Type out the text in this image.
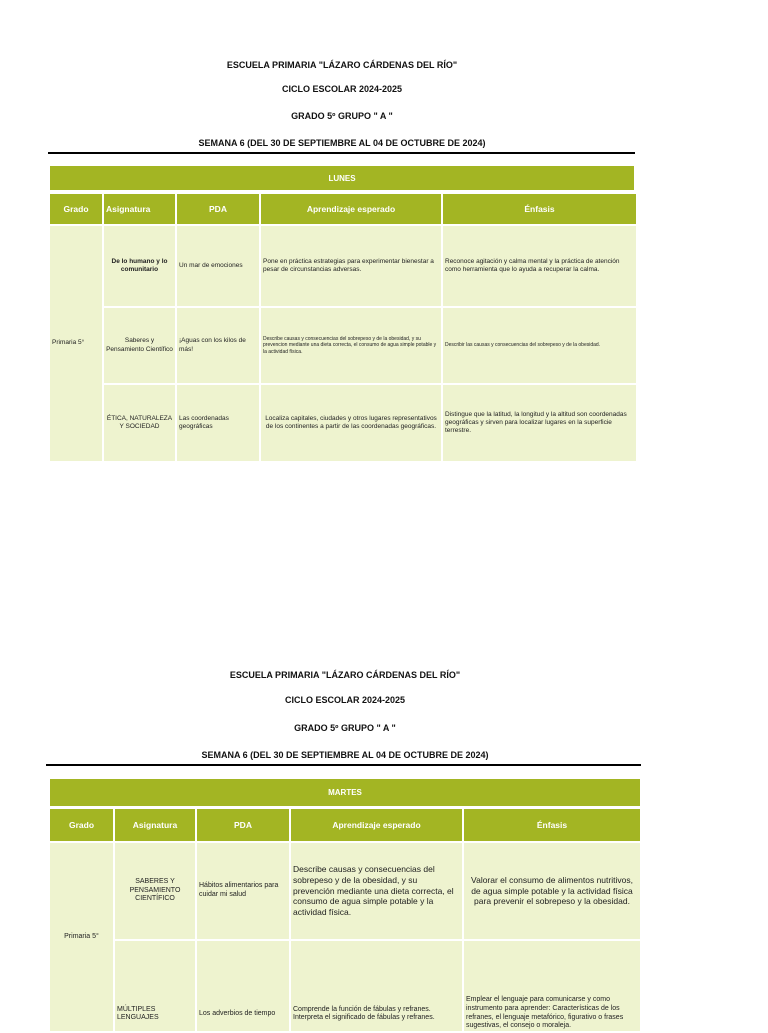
ESCUELA PRIMARIA "LÁZARO CÁRDENAS DEL RÍO"
CICLO ESCOLAR 2024-2025
GRADO 5º GRUPO " A "
SEMANA 6 (DEL 30 DE SEPTIEMBRE AL 04 DE OCTUBRE DE 2024)
LUNES
Grado	Asignatura	PDA	Aprendizaje esperado	Énfasis
Primaria 5°	De lo humano y lo comunitario	Un mar de emociones	Pone en práctica estrategias para experimentar bienestar a pesar de circunstancias adversas.	Reconoce agitación y calma mental y la práctica de atención como herramienta que lo ayuda a recuperar la calma.
	Saberes y Pensamiento Científico	¡Aguas con los kilos de más!	Describe causas y consecuencias del sobrepeso y de la obesidad, y su prevencion mediante una dieta correcta, el consumo de agua simple potable y la actividad física.	Describir las causas y consecuencias del sobrepeso y de la obesidad.
	ÉTICA, NATURALEZA Y SOCIEDAD	Las coordenadas geográficas	Localiza capitales, ciudades y otros lugares representativos de los continentes a partir de las coordenadas geográficas.	Distingue que la latitud, la longitud y la altitud son coordenadas geográficas y sirven para localizar lugares en la superficie terrestre.
ESCUELA PRIMARIA "LÁZARO CÁRDENAS DEL RÍO"
CICLO ESCOLAR 2024-2025
GRADO 5º GRUPO " A "
SEMANA 6 (DEL 30 DE SEPTIEMBRE AL 04 DE OCTUBRE DE 2024)
MARTES
Grado	Asignatura	PDA	Aprendizaje esperado	Énfasis
Primaria 5°	SABERES Y PENSAMIENTO CIENTÍFICO	Hábitos alimentarios para cuidar mi salud	Describe causas y consecuencias del sobrepeso y de la obesidad, y su prevención mediante una dieta correcta, el consumo de agua simple potable y la actividad física.	Valorar el consumo de alimentos nutritivos, de agua simple potable y la actividad física para prevenir el sobrepeso y la obesidad.
	MÚLTIPLES LENGUAJES	Los adverbios de tiempo	Comprende la función de fábulas y refranes. Interpreta el significado de fábulas y refranes.	Emplear el lenguaje para comunicarse y como instrumento para aprender: Características de los refranes, el lenguaje metafórico, figurativo o frases sugestivas, el consejo o moraleja.
